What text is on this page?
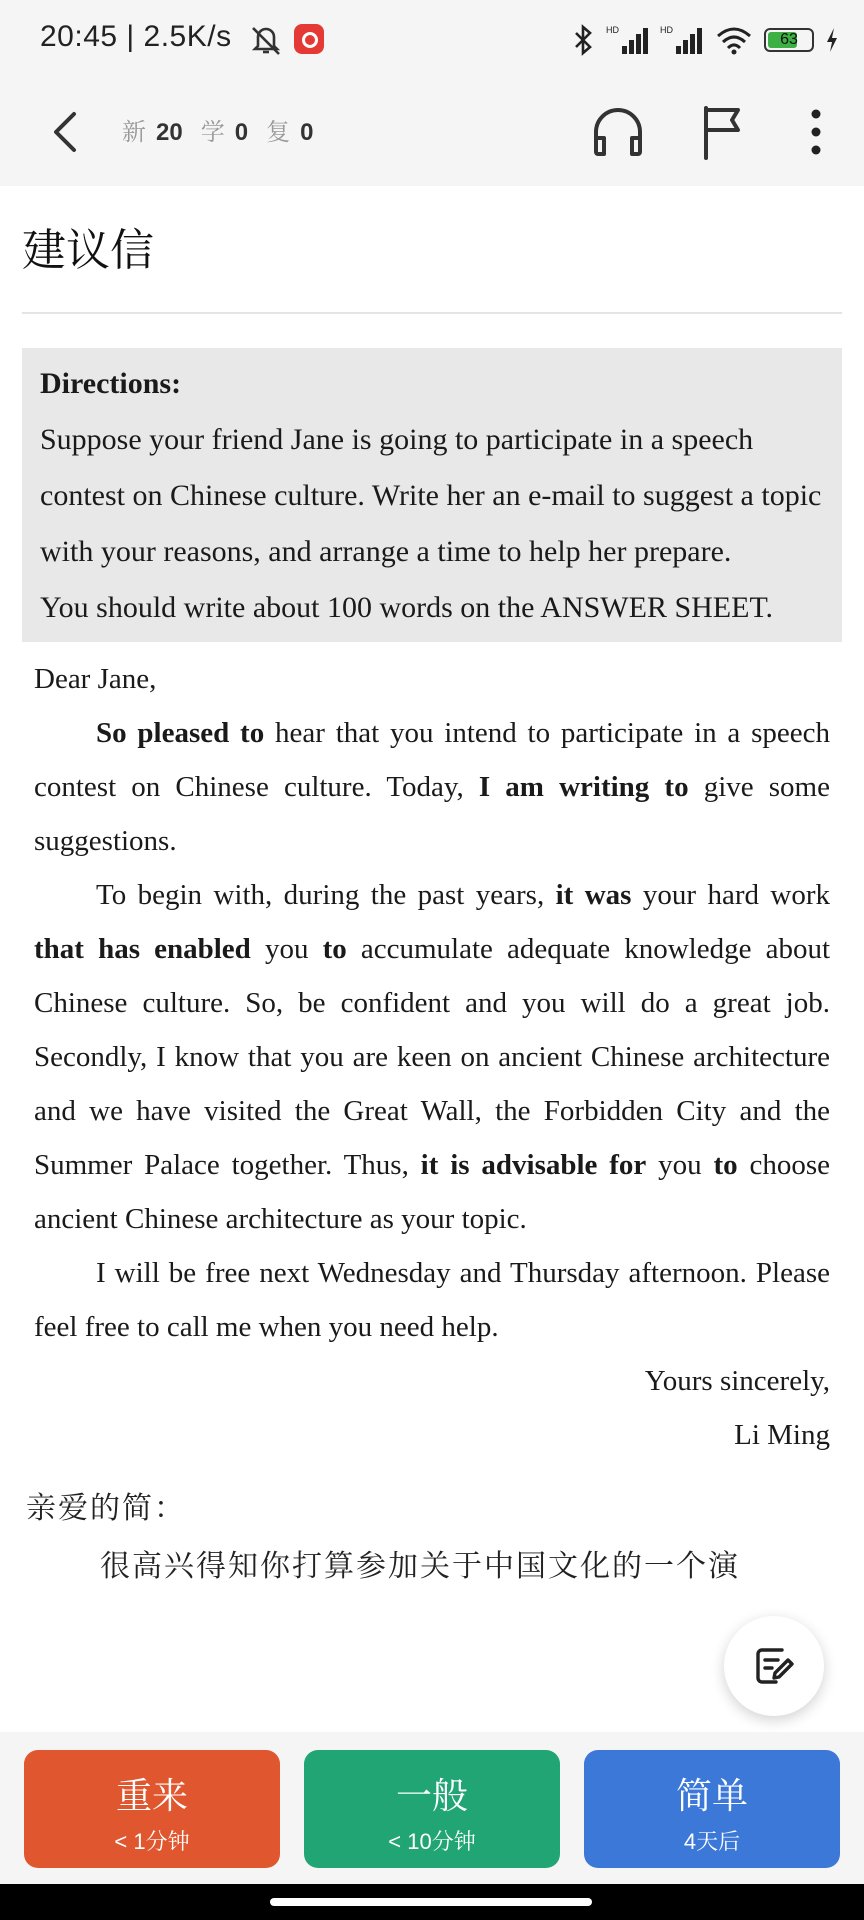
20:45 | 2.5K/s	HD	HD
63
新 20 学 0 复 0
建议信
Directions:
Suppose your friend Jane is going to participate in a speech contest on Chinese culture. Write her an e-mail to suggest a topic with your reasons, and arrange a time to help her prepare.
You should write about 100 words on the ANSWER SHEET.

Dear Jane,

So pleased to hear that you intend to participate in a speech contest on Chinese culture. Today, I am writing to give some suggestions.

To begin with, during the past years, it was your hard work that has enabled you to accumulate adequate knowledge about Chinese culture. So, be confident and you will do a great job. Secondly, I know that you are keen on ancient Chinese architecture and we have visited the Great Wall, the Forbidden City and the Summer Palace together. Thus, it is advisable for you to choose ancient Chinese architecture as your topic.

I will be free next Wednesday and Thursday afternoon. Please feel free to call me when you need help.

Yours sincerely,

Li Ming

亲爱的简：

很高兴得知你打算参加关于中国文化的一个演

重来
< 1分钟
一般
< 10分钟
简单
4天后
